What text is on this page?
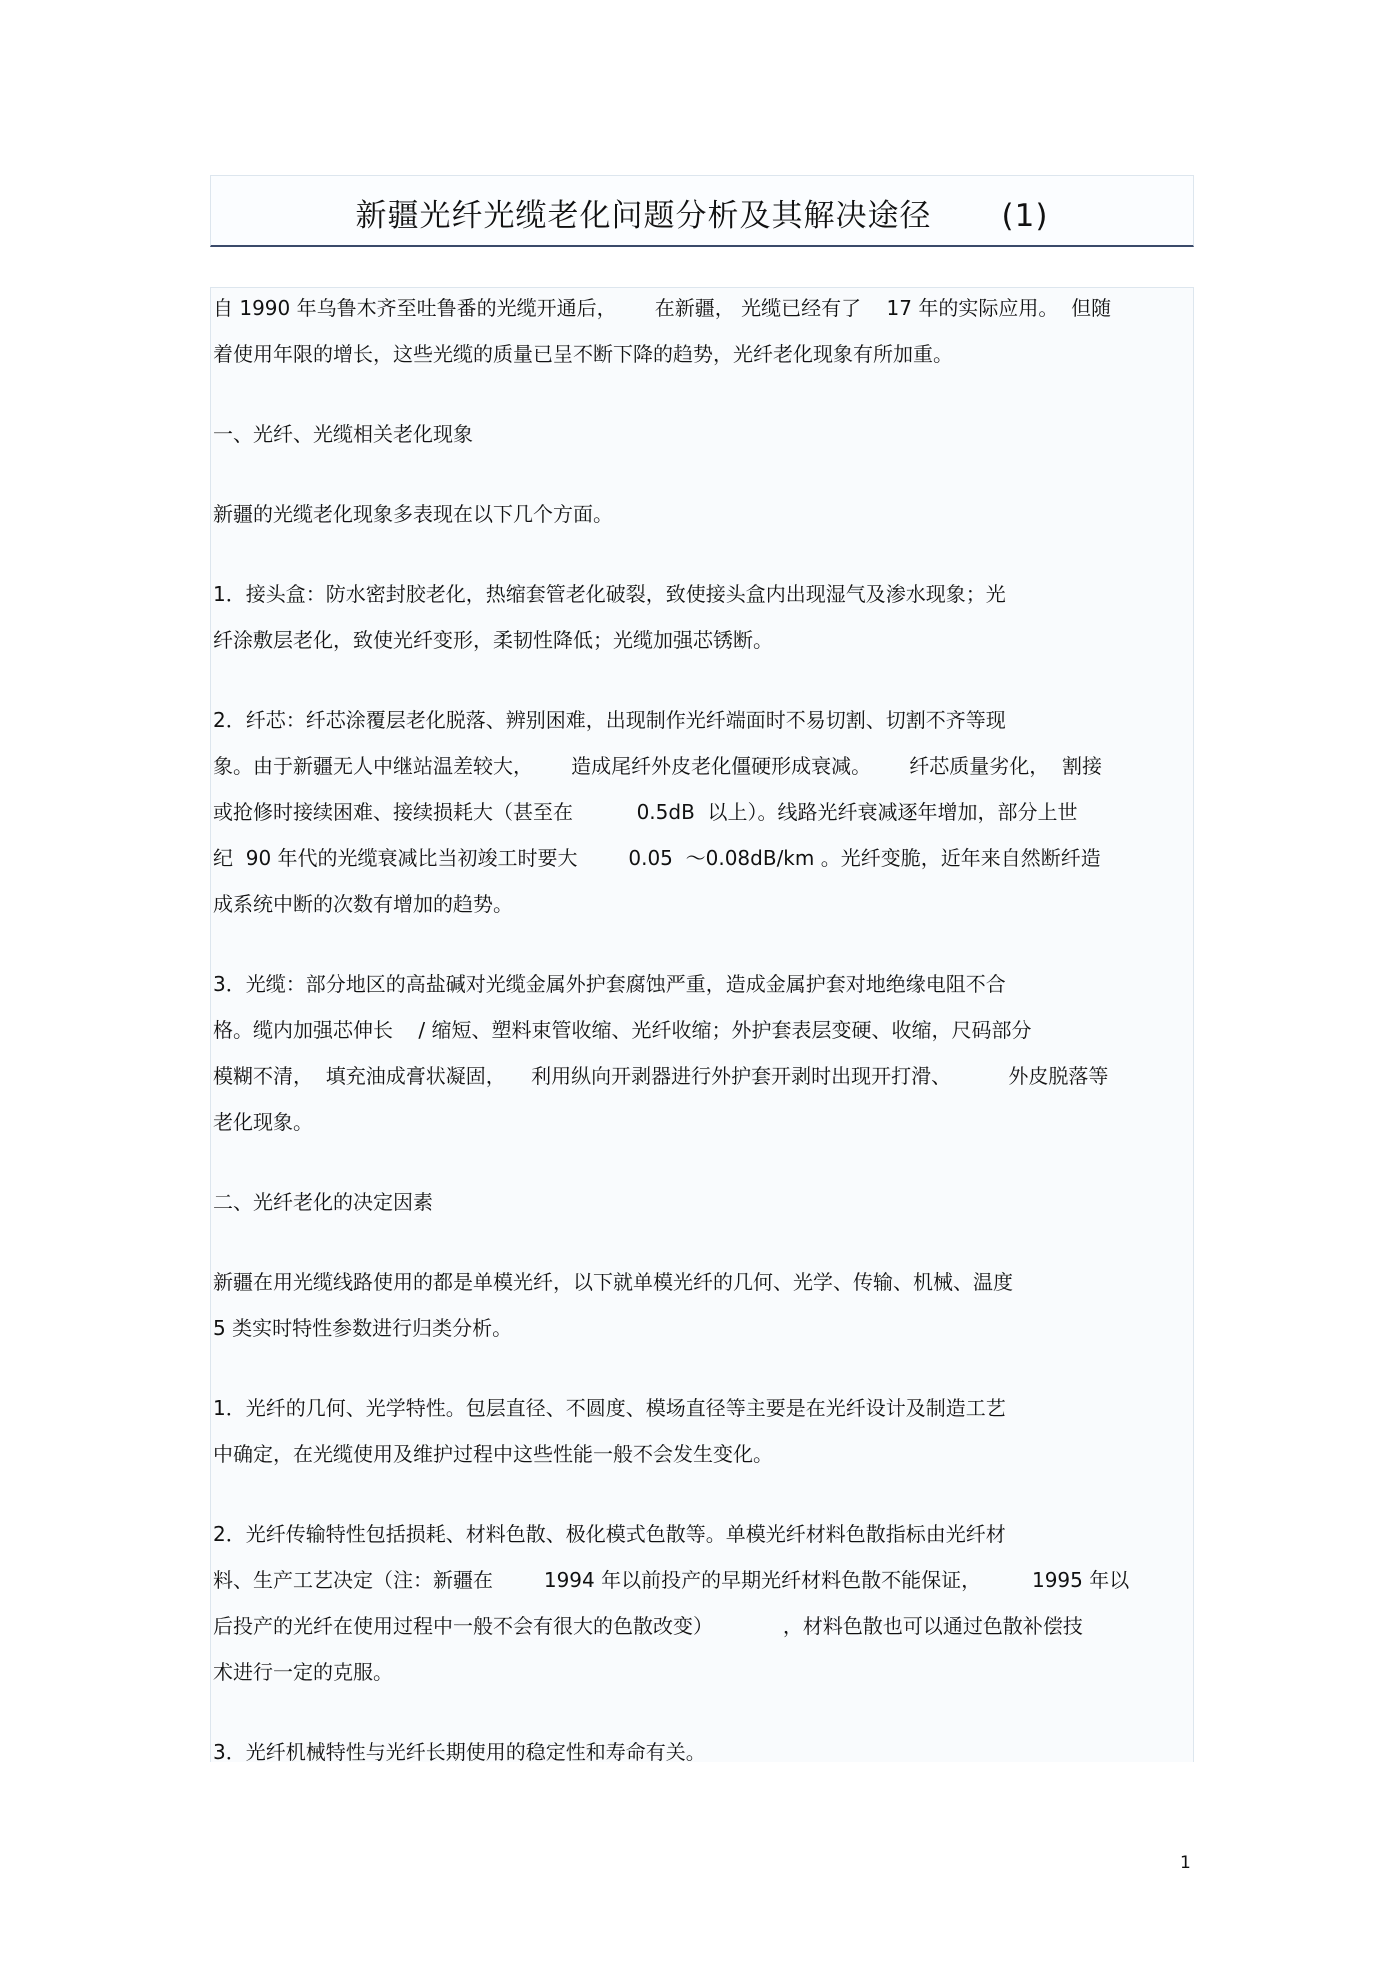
新疆光纤光缆老化问题分析及其解决途径 (1)
自 1990 年乌鲁木齐至吐鲁番的光缆开通后，      在新疆， 光缆已经有了    17 年的实际应用。  但随
着使用年限的增长，这些光缆的质量已呈不断下降的趋势，光纤老化现象有所加重。
一、光纤、光缆相关老化现象
新疆的光缆老化现象多表现在以下几个方面。
1．接头盒：防水密封胶老化，热缩套管老化破裂，致使接头盒内出现湿气及渗水现象；光
纤涂敷层老化，致使光纤变形，柔韧性降低；光缆加强芯锈断。
2．纤芯：纤芯涂覆层老化脱落、辨别困难，出现制作光纤端面时不易切割、切割不齐等现
象。由于新疆无人中继站温差较大，      造成尾纤外皮老化僵硬形成衰减。      纤芯质量劣化，  割接
或抢修时接续困难、接续损耗大（甚至在          0.5dB  以上）。线路光纤衰减逐年增加，部分上世
纪  90 年代的光缆衰减比当初竣工时要大        0.05  ～0.08dB/km 。光纤变脆，近年来自然断纤造
成系统中断的次数有增加的趋势。
3．光缆：部分地区的高盐碱对光缆金属外护套腐蚀严重，造成金属护套对地绝缘电阻不合
格。缆内加强芯伸长    / 缩短、塑料束管收缩、光纤收缩；外护套表层变硬、收缩，尺码部分
模糊不清，  填充油成膏状凝固，    利用纵向开剥器进行外护套开剥时出现开打滑、         外皮脱落等
老化现象。
二、光纤老化的决定因素
新疆在用光缆线路使用的都是单模光纤，以下就单模光纤的几何、光学、传输、机械、温度
5 类实时特性参数进行归类分析。
1．光纤的几何、光学特性。包层直径、不圆度、模场直径等主要是在光纤设计及制造工艺
中确定，在光缆使用及维护过程中这些性能一般不会发生变化。
2．光纤传输特性包括损耗、材料色散、极化模式色散等。单模光纤材料色散指标由光纤材
料、生产工艺决定（注：新疆在        1994 年以前投产的早期光纤材料色散不能保证，        1995 年以
后投产的光纤在使用过程中一般不会有很大的色散改变）           ，材料色散也可以通过色散补偿技
术进行一定的克服。
3．光纤机械特性与光纤长期使用的稳定性和寿命有关。
1
